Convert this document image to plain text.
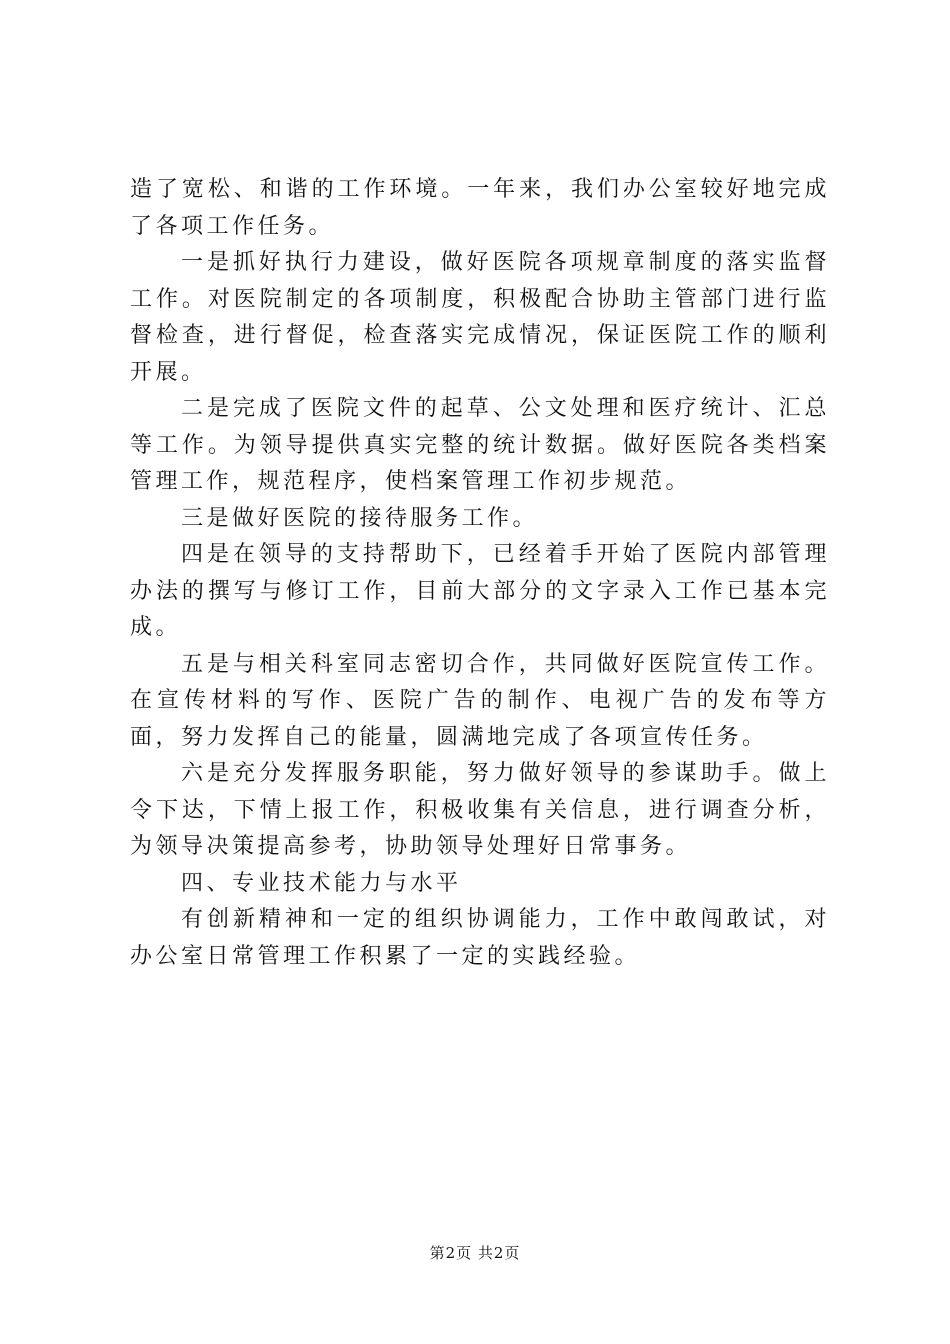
造了宽松、和谐的工作环境。一年来，我们办公室较好地完成了各项工作任务。

一是抓好执行力建设，做好医院各项规章制度的落实监督工作。对医院制定的各项制度，积极配合协助主管部门进行监督检查，进行督促，检查落实完成情况，保证医院工作的顺利开展。

二是完成了医院文件的起草、公文处理和医疗统计、汇总等工作。为领导提供真实完整的统计数据。做好医院各类档案管理工作，规范程序，使档案管理工作初步规范。

三是做好医院的接待服务工作。

四是在领导的支持帮助下，已经着手开始了医院内部管理办法的撰写与修订工作，目前大部分的文字录入工作已基本完成。

五是与相关科室同志密切合作，共同做好医院宣传工作。在宣传材料的写作、医院广告的制作、电视广告的发布等方面，努力发挥自己的能量，圆满地完成了各项宣传任务。

六是充分发挥服务职能，努力做好领导的参谋助手。做上令下达，下情上报工作，积极收集有关信息，进行调查分析，为领导决策提高参考，协助领导处理好日常事务。

四、专业技术能力与水平

有创新精神和一定的组织协调能力，工作中敢闯敢试，对办公室日常管理工作积累了一定的实践经验。

第2页 共2页
